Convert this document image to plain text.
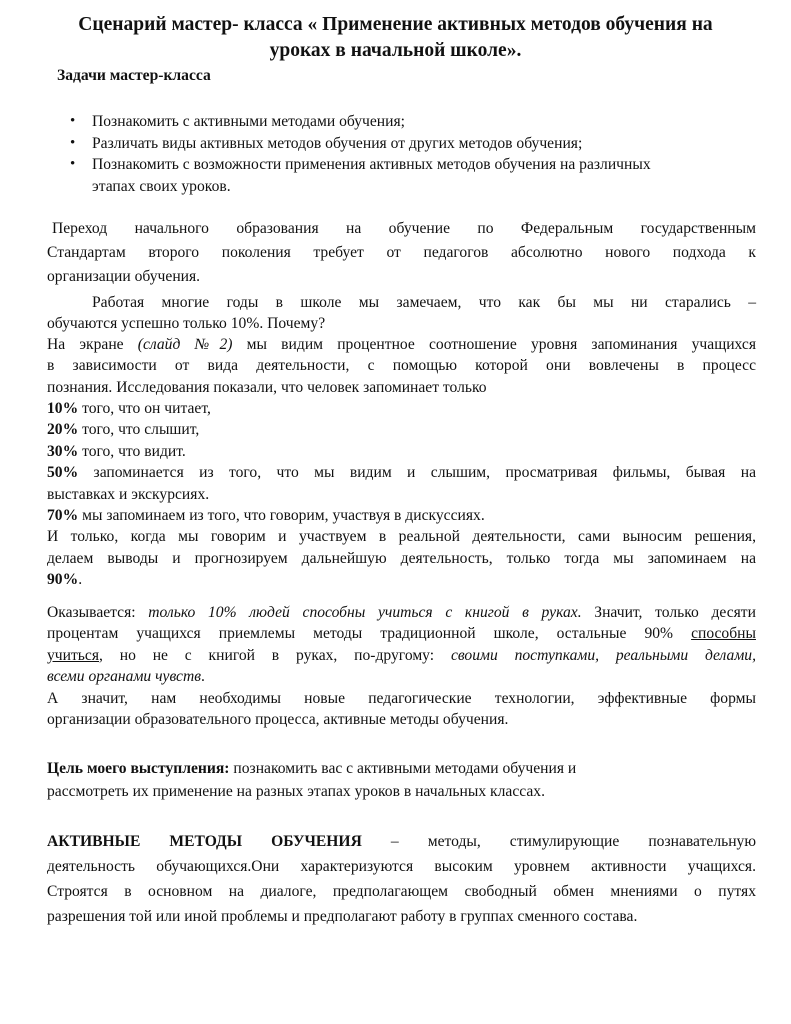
Сценарий мастер- класса « Применение активных методов обучения на
уроках в начальной школе».
Задачи мастер-класса
• Познакомить с активными методами обучения;
• Различать виды активных методов обучения от других методов обучения;
• Познакомить с возможности применения активных методов обучения на различных
этапах своих уроков.

Переход начального образования на обучение по Федеральным государственным

Стандартам второго поколения требует от педагогов абсолютно нового подхода к

организации обучения.

Работая многие годы в школе мы замечаем, что как бы мы ни старались –

обучаются успешно только 10%. Почему?

На экране (слайд №2) мы видим процентное соотношение уровня запоминания учащихся

в зависимости от вида деятельности, с помощью которой они вовлечены в процесс

познания. Исследования показали, что человек запоминает только

10% того, что он читает,

20% того, что слышит,

30% того, что видит.

50% запоминается из того, что мы видим и слышим, просматривая фильмы, бывая на

выставках и экскурсиях.

70% мы запоминаем из того, что говорим, участвуя в дискуссиях.

И только, когда мы говорим и участвуем в реальной деятельности, сами выносим решения,

делаем выводы и прогнозируем дальнейшую деятельность, только тогда мы запоминаем на

90%.

Оказывается: только 10% людей способны учиться с книгой в руках. Значит, только десяти

процентам учащихся приемлемы методы традиционной школе, остальные 90% способны

учиться, но не с книгой в руках, по-другому: своими поступками, реальными делами,

всеми органами чувств.

А значит, нам необходимы новые педагогические технологии, эффективные формы

организации образовательного процесса, активные методы обучения.

Цель моего выступления: познакомить вас с активными методами обучения и

рассмотреть их применение на разных этапах уроков в начальных классах.

АКТИВНЫЕ МЕТОДЫ ОБУЧЕНИЯ – методы, стимулирующие познавательную

деятельность обучающихся.Они характеризуются высоким уровнем активности учащихся.

Строятся в основном на диалоге, предполагающем свободный обмен мнениями о путях

разрешения той или иной проблемы и предполагают работу в группах сменного состава.
